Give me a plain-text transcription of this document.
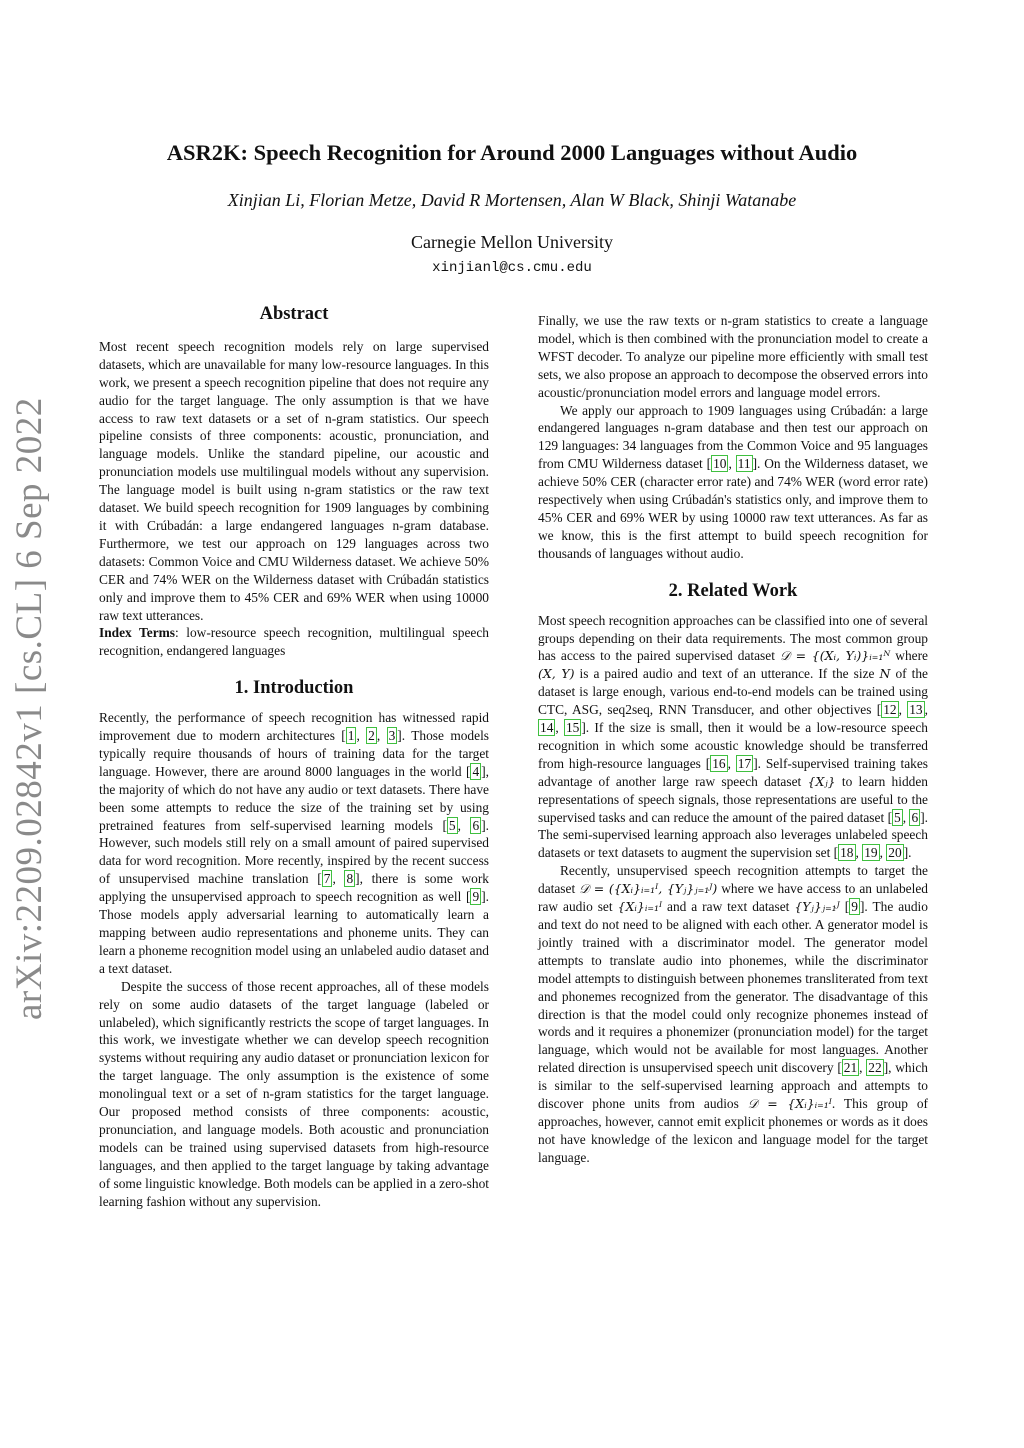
arXiv:2209.02842v1 [cs.CL] 6 Sep 2022
ASR2K: Speech Recognition for Around 2000 Languages without Audio
Xinjian Li, Florian Metze, David R Mortensen, Alan W Black, Shinji Watanabe
Carnegie Mellon University
xinjianl@cs.cmu.edu
Abstract

Most recent speech recognition models rely on large supervised datasets, which are unavailable for many low-resource languages. In this work, we present a speech recognition pipeline that does not require any audio for the target language. The only assumption is that we have access to raw text datasets or a set of n-gram statistics. Our speech pipeline consists of three components: acoustic, pronunciation, and language models. Unlike the standard pipeline, our acoustic and pronunciation models use multilingual models without any supervision. The language model is built using n-gram statistics or the raw text dataset. We build speech recognition for 1909 languages by combining it with Crúbadán: a large endangered languages n-gram database. Furthermore, we test our approach on 129 languages across two datasets: Common Voice and CMU Wilderness dataset. We achieve 50% CER and 74% WER on the Wilderness dataset with Crúbadán statistics only and improve them to 45% CER and 69% WER when using 10000 raw text utterances.

Index Terms: low-resource speech recognition, multilingual speech recognition, endangered languages

1. Introduction

Recently, the performance of speech recognition has witnessed rapid improvement due to modern architectures [ 1 , 2 , 3 ]. Those models typically require thousands of hours of training data for the target language. However, there are around 8000 languages in the world [ 4 ], the majority of which do not have any audio or text datasets. There have been some attempts to reduce the size of the training set by using pretrained features from self-supervised learning models [ 5 , 6 ]. However, such models still rely on a small amount of paired supervised data for word recognition. More recently, inspired by the recent success of unsupervised machine translation [ 7 , 8 ], there is some work applying the unsupervised approach to speech recognition as well [ 9 ]. Those models apply adversarial learning to automatically learn a mapping between audio representations and phoneme units. They can learn a phoneme recognition model using an unlabeled audio dataset and a text dataset.

Despite the success of those recent approaches, all of these models rely on some audio datasets of the target language (labeled or unlabeled), which significantly restricts the scope of target languages. In this work, we investigate whether we can develop speech recognition systems without requiring any audio dataset or pronunciation lexicon for the target language. The only assumption is the existence of some monolingual text or a set of n-gram statistics for the target language. Our proposed method consists of three components: acoustic, pronunciation, and language models. Both acoustic and pronunciation models can be trained using supervised datasets from high-resource languages, and then applied to the target language by taking advantage of some linguistic knowledge. Both models can be applied in a zero-shot learning fashion without any supervision.

Finally, we use the raw texts or n-gram statistics to create a language model, which is then combined with the pronunciation model to create a WFST decoder. To analyze our pipeline more efficiently with small test sets, we also propose an approach to decompose the observed errors into acoustic/pronunciation model errors and language model errors.

We apply our approach to 1909 languages using Crúbadán: a large endangered languages n-gram database and then test our approach on 129 languages: 34 languages from the Common Voice and 95 languages from CMU Wilderness dataset [ 10 , 11 ]. On the Wilderness dataset, we achieve 50% CER (character error rate) and 74% WER (word error rate) respectively when using Crúbadán's statistics only, and improve them to 45% CER and 69% WER by using 10000 raw text utterances. As far as we know, this is the first attempt to build speech recognition for thousands of languages without audio.

2. Related Work

Most speech recognition approaches can be classified into one of several groups depending on their data requirements. The most common group has access to the paired supervised dataset 𝒟 = {(Xᵢ, Yᵢ)}ᵢ₌₁ᴺ where (X, Y) is a paired audio and text of an utterance. If the size N of the dataset is large enough, various end-to-end models can be trained using CTC, ASG, seq2seq, RNN Transducer, and other objectives [ 12 , 13 , 14 , 15 ]. If the size is small, then it would be a low-resource speech recognition in which some acoustic knowledge should be transferred from high-resource languages [ 16 , 17 ]. Self-supervised training takes advantage of another large raw speech dataset {Xⱼ} to learn hidden representations of speech signals, those representations are useful to the supervised tasks and can reduce the amount of the paired dataset [ 5 , 6 ]. The semi-supervised learning approach also leverages unlabeled speech datasets or text datasets to augment the supervision set [ 18 , 19 , 20 ].

Recently, unsupervised speech recognition attempts to target the dataset 𝒟 = ({Xᵢ}ᵢ₌₁ᴵ, {Yⱼ}ⱼ₌₁ᴶ) where we have access to an unlabeled raw audio set {Xᵢ}ᵢ₌₁ᴵ and a raw text dataset {Yⱼ}ⱼ₌₁ᴶ [ 9 ]. The audio and text do not need to be aligned with each other. A generator model is jointly trained with a discriminator model. The generator model attempts to translate audio into phonemes, while the discriminator model attempts to distinguish between phonemes transliterated from text and phonemes recognized from the generator. The disadvantage of this direction is that the model could only recognize phonemes instead of words and it requires a phonemizer (pronunciation model) for the target language, which would not be available for most languages. Another related direction is unsupervised speech unit discovery [ 21 , 22 ], which is similar to the self-supervised learning approach and attempts to discover phone units from audios 𝒟 = {Xᵢ}ᵢ₌₁ᴵ. This group of approaches, however, cannot emit explicit phonemes or words as it does not have knowledge of the lexicon and language model for the target language.
